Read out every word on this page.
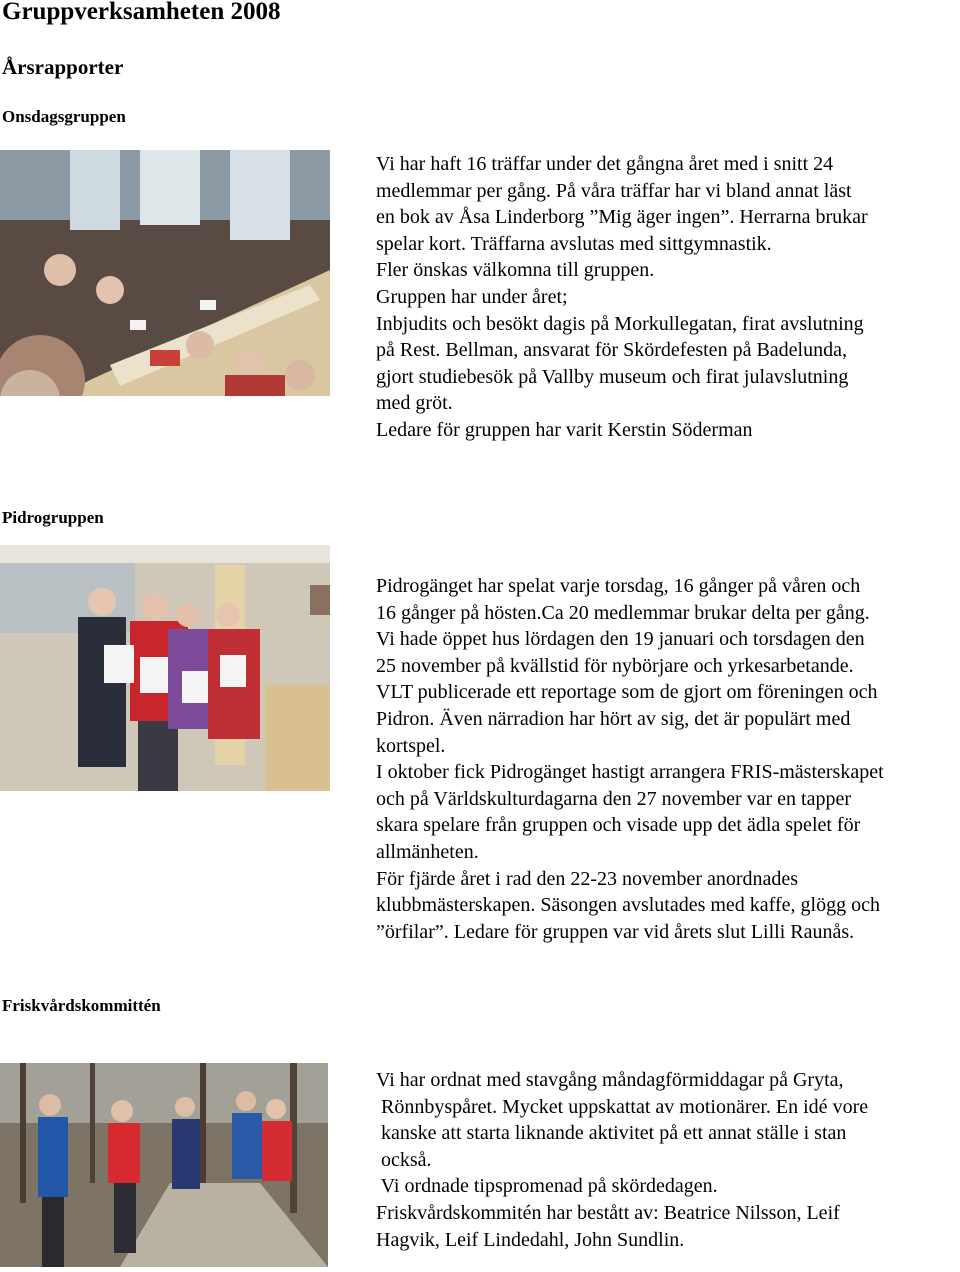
Gruppverksamheten 2008
Årsrapporter
Onsdagsgruppen
Vi har haft 16 träffar under det gångna året med i snitt 24
medlemmar per gång. På våra träffar har vi bland annat läst
en bok av Åsa Linderborg ”Mig äger ingen”. Herrarna brukar
spelar kort. Träffarna avslutas med sittgymnastik.
Fler önskas välkomna till gruppen.
Gruppen har under året;
Inbjudits och besökt dagis på Morkullegatan, firat avslutning
på Rest. Bellman, ansvarat för Skördefesten på Badelunda,
gjort studiebesök på Vallby museum och firat julavslutning
med gröt.
Ledare för gruppen har varit Kerstin Söderman
Pidrogruppen
Pidrogänget har spelat varje torsdag, 16 gånger på våren och
16 gånger på hösten.Ca 20 medlemmar brukar delta per gång.
Vi hade öppet hus lördagen den 19 januari och torsdagen den
25 november på kvällstid för nybörjare och yrkesarbetande.
VLT publicerade ett reportage som de gjort om föreningen och
Pidron. Även närradion har hört av sig, det är populärt med
kortspel.
I oktober fick Pidrogänget hastigt arrangera FRIS-mästerskapet
och på Världskulturdagarna den 27 november var en tapper
skara spelare från gruppen och visade upp det ädla spelet för
allmänheten.
För fjärde året i rad den 22-23 november anordnades
klubbmästerskapen. Säsongen avslutades med kaffe, glögg och
”örfilar”. Ledare för gruppen var vid årets slut Lilli Raunås.
Friskvårdskommittén
Vi har ordnat med stavgång måndagförmiddagar på Gryta,
Rönnbyspåret. Mycket uppskattat av motionärer. En idé vore
kanske att starta liknande aktivitet på ett annat ställe i stan
också.
Vi ordnade tipspromenad på skördedagen.
Friskvårdskommitén har bestått av: Beatrice Nilsson, Leif
Hagvik, Leif Lindedahl, John Sundlin.
